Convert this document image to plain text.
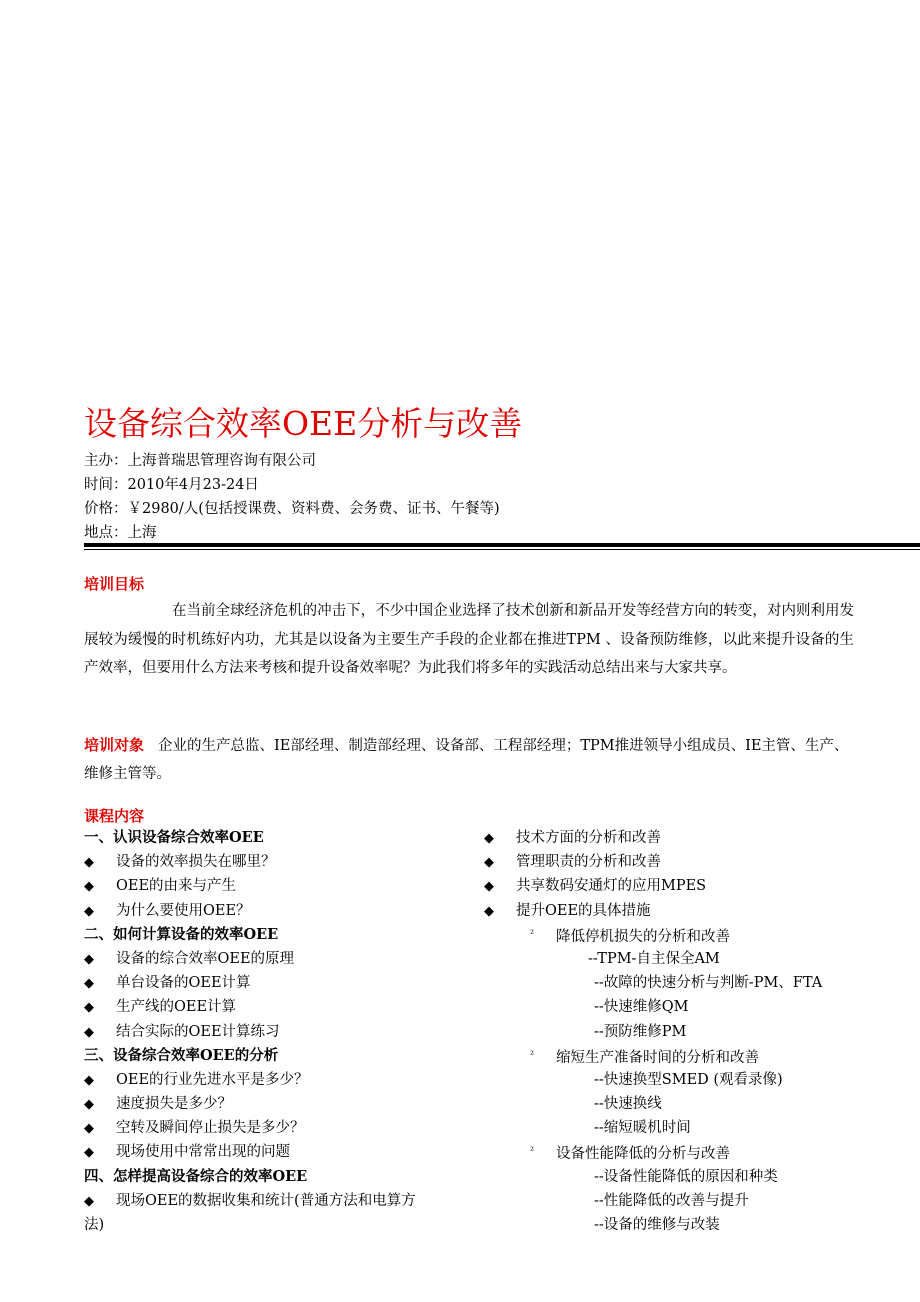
设备综合效率OEE分析与改善
主办：上海普瑞思管理咨询有限公司
时间：2010年4月23-24日
价格：￥2980/人(包括授课费、资料费、会务费、证书、午餐等)
地点：上海
培训目标
在当前全球经济危机的冲击下，不少中国企业选择了技术创新和新品开发等经营方向的转变，对内则利用发展较为缓慢的时机练好内功，尤其是以设备为主要生产手段的企业都在推进TPM 、设备预防维修，以此来提升设备的生产效率，但要用什么方法来考核和提升设备效率呢？为此我们将多年的实践活动总结出来与大家共享。
培训对象 企业的生产总监、IE部经理、制造部经理、设备部、工程部经理；TPM推进领导小组成员、IE主管、生产、维修主管等。
课程内容
一、认识设备综合效率OEE
◆ 设备的效率损失在哪里？
◆ OEE的由来与产生
◆ 为什么要使用OEE？
二、如何计算设备的效率OEE
◆ 设备的综合效率OEE的原理
◆ 单台设备的OEE计算
◆ 生产线的OEE计算
◆ 结合实际的OEE计算练习
三、设备综合效率OEE的分析
◆ OEE的行业先进水平是多少？
◆ 速度损失是多少？
◆ 空转及瞬间停止损失是多少？
◆ 现场使用中常常出现的问题
四、怎样提高设备综合的效率OEE
◆ 现场OEE的数据收集和统计(普通方法和电算方
法)
◆ 技术方面的分析和改善
◆ 管理职责的分析和改善
◆ 共享数码安通灯的应用MPES
◆ 提升OEE的具体措施
² 降低停机损失的分析和改善
--TPM-自主保全AM
--故障的快速分析与判断-PM、FTA
--快速维修QM
--预防维修PM
² 缩短生产准备时间的分析和改善
--快速换型SMED (观看录像)
--快速换线
--缩短暖机时间
² 设备性能降低的分析与改善
--设备性能降低的原因和种类
--性能降低的改善与提升
--设备的维修与改装
